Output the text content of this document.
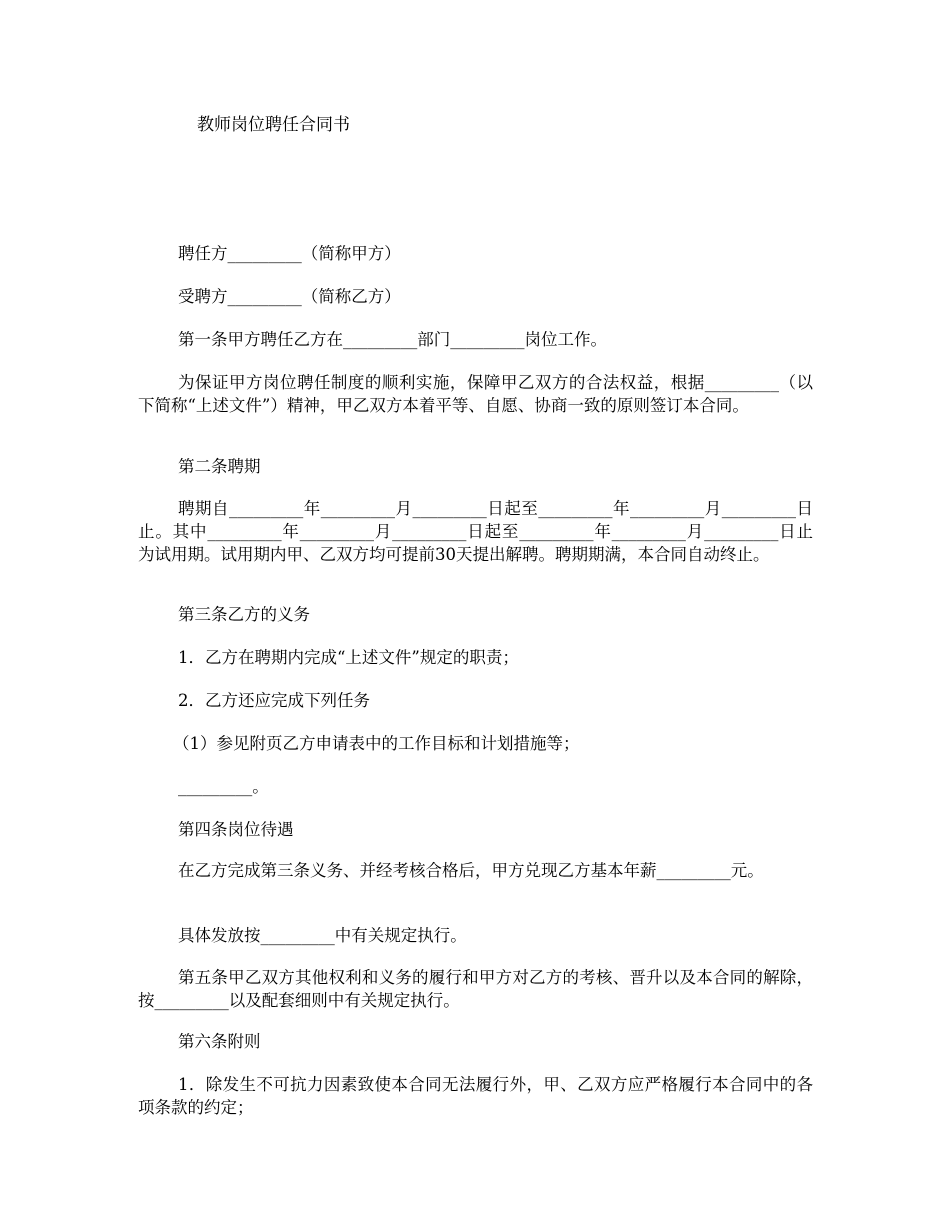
教师岗位聘任合同书

聘任方_________（简称甲方）

受聘方_________（简称乙方）

第一条甲方聘任乙方在_________部门_________岗位工作。

为保证甲方岗位聘任制度的顺利实施，保障甲乙双方的合法权益，根据_________（以下简称“上述文件”）精神，甲乙双方本着平等、自愿、协商一致的原则签订本合同。

第二条聘期

聘期自_________年_________月_________日起至_________年_________月_________日止。其中_________年_________月_________日起至_________年_________月_________日止为试用期。试用期内甲、乙双方均可提前30天提出解聘。聘期期满，本合同自动终止。

第三条乙方的义务

1．乙方在聘期内完成“上述文件”规定的职责；

2．乙方还应完成下列任务

（1）参见附页乙方申请表中的工作目标和计划措施等；

_________。

第四条岗位待遇

在乙方完成第三条义务、并经考核合格后，甲方兑现乙方基本年薪_________元。

具体发放按_________中有关规定执行。

第五条甲乙双方其他权利和义务的履行和甲方对乙方的考核、晋升以及本合同的解除，按_________以及配套细则中有关规定执行。

第六条附则

1．除发生不可抗力因素致使本合同无法履行外，甲、乙双方应严格履行本合同中的各项条款的约定；
